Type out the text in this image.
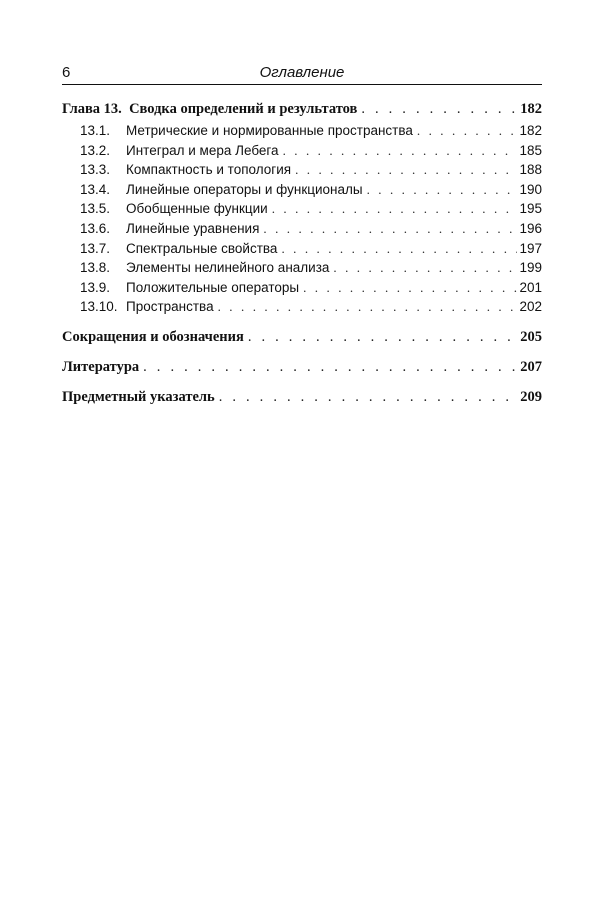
6	Оглавление
Глава 13. Сводка определений и результатов . . .	182
13.1.	Метрические и нормированные пространства . . .	182
13.2.	Интеграл и мера Лебега . . .	185
13.3.	Компактность и топология . . .	188
13.4.	Линейные операторы и функционалы . . .	190
13.5.	Обобщенные функции . . .	195
13.6.	Линейные уравнения . . .	196
13.7.	Спектральные свойства . . .	197
13.8.	Элементы нелинейного анализа . . .	199
13.9.	Положительные операторы . . .	201
13.10. Пространства . . .	202
Сокращения и обозначения . . .	205
Литература . . .	207
Предметный указатель . . .	209
